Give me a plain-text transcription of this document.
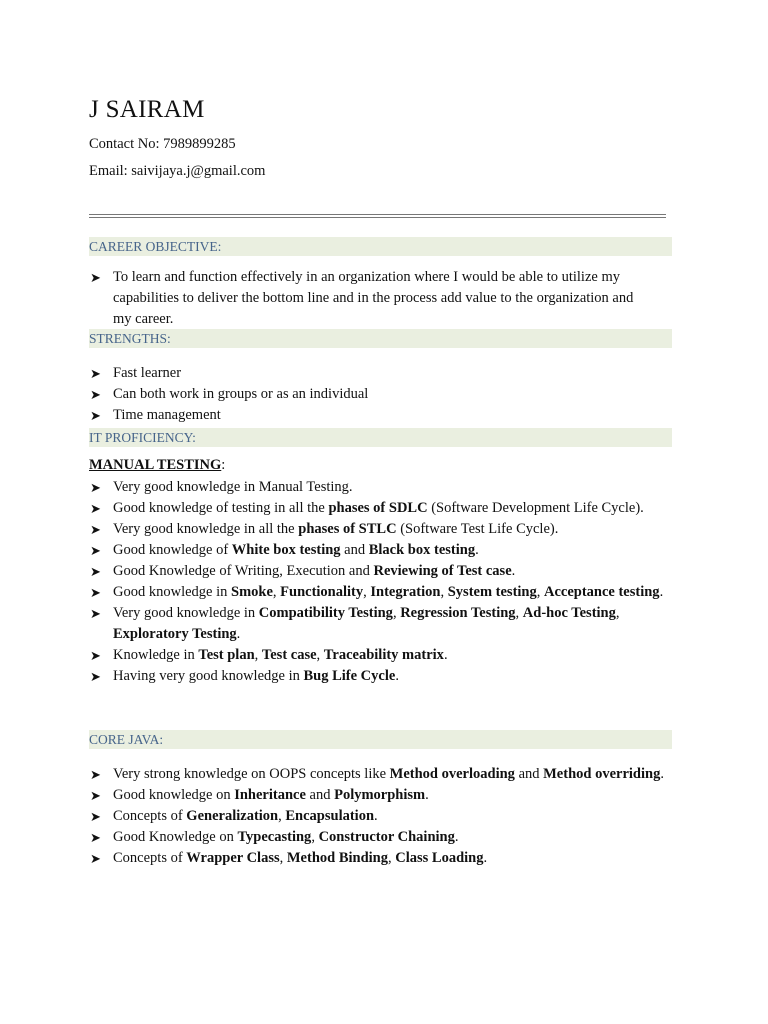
J SAIRAM
Contact No: 7989899285
Email: saivijaya.j@gmail.com
CAREER OBJECTIVE:
➤ To learn and function effectively in an organization where I would be able to utilize my
capabilities to deliver the bottom line and in the process add value to the organization and
my career.
STRENGTHS:
➤ Fast learner
➤ Can both work in groups or as an individual
➤ Time management
IT PROFICIENCY:
MANUAL TESTING:
➤ Very good knowledge in Manual Testing.
➤ Good knowledge of testing in all the phases of SDLC (Software Development Life Cycle).
➤ Very good knowledge in all the phases of STLC (Software Test Life Cycle).
➤ Good knowledge of White box testing and Black box testing.
➤ Good Knowledge of Writing, Execution and Reviewing of Test case.
➤ Good knowledge in Smoke, Functionality, Integration, System testing, Acceptance testing.
➤ Very good knowledge in Compatibility Testing, Regression Testing, Ad-hoc Testing, Exploratory Testing.
➤ Knowledge in Test plan, Test case, Traceability matrix.
➤ Having very good knowledge in Bug Life Cycle.
CORE JAVA:
➤ Very strong knowledge on OOPS concepts like Method overloading and Method overriding.
➤ Good knowledge on Inheritance and Polymorphism.
➤ Concepts of Generalization, Encapsulation.
➤ Good Knowledge on Typecasting, Constructor Chaining.
➤ Concepts of Wrapper Class, Method Binding, Class Loading.
